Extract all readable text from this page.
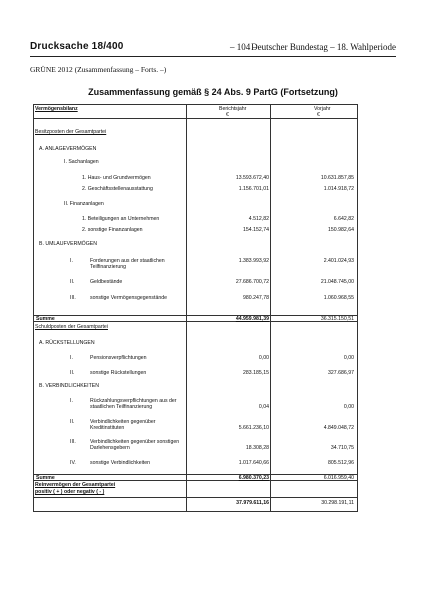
Drucksache 18/400	– 104 –
Deutscher Bundestag – 18. Wahlperiode
GRÜNE 2012 (Zusammenfassung – Forts. –)
Zusammenfassung gemäß § 24 Abs. 9 PartG (Fortsetzung)
Vermögensbilanz	Berichtsjahr
€
Vorjahr
€
Besitzposten der Gesamtpartei
A. ANLAGEVERMÖGEN
I. Sachanlagen
1. Haus- und Grundvermögen	13.593.672,40	10.631.857,85
2. Geschäftsstellenausstattung	1.156.701,01	1.014.918,72
II. Finanzanlagen
1. Beteiligungen an Unternehmen	4.512,82	6.642,82
2. sonstige Finanzanlagen	154.152,74	150.982,64
B. UMLAUFVERMÖGEN
I.	Forderungen aus der staatlichen
Teilfinanzierung
1.383.993,92	2.401.024,93
II.	Geldbestände	27.686.700,72	21.048.745,00
III.	sonstige Vermögensgegenstände	980.247,78	1.060.968,55
Summe	44.959.981,39	36.315.150,51
Schuldposten der Gesamtpartei
A. RÜCKSTELLUNGEN
I.	Pensionsverpflichtungen	0,00	0,00
II.	sonstige Rückstellungen	283.185,15	327.686,97
B. VERBINDLICHKEITEN
I.	Rückzahlungsverpflichtungen aus der
staatlichen Teilfinanzierung	0,04	0,00
II.	Verbindlichkeiten gegenüber
Kreditinstituten	5.661.236,10	4.849.048,72
III.	Verbindlichkeiten gegenüber sonstigen
Darlehensgebern	18.308,28	34.710,75
IV.	sonstige Verbindlichkeiten	1.017.640,66	805.512,96
Summe	6.980.370,23	6.016.959,40
Reinvermögen der Gesamtpartei
positiv ( + ) oder negativ ( - )
37.979.611,16	30.298.191,11
